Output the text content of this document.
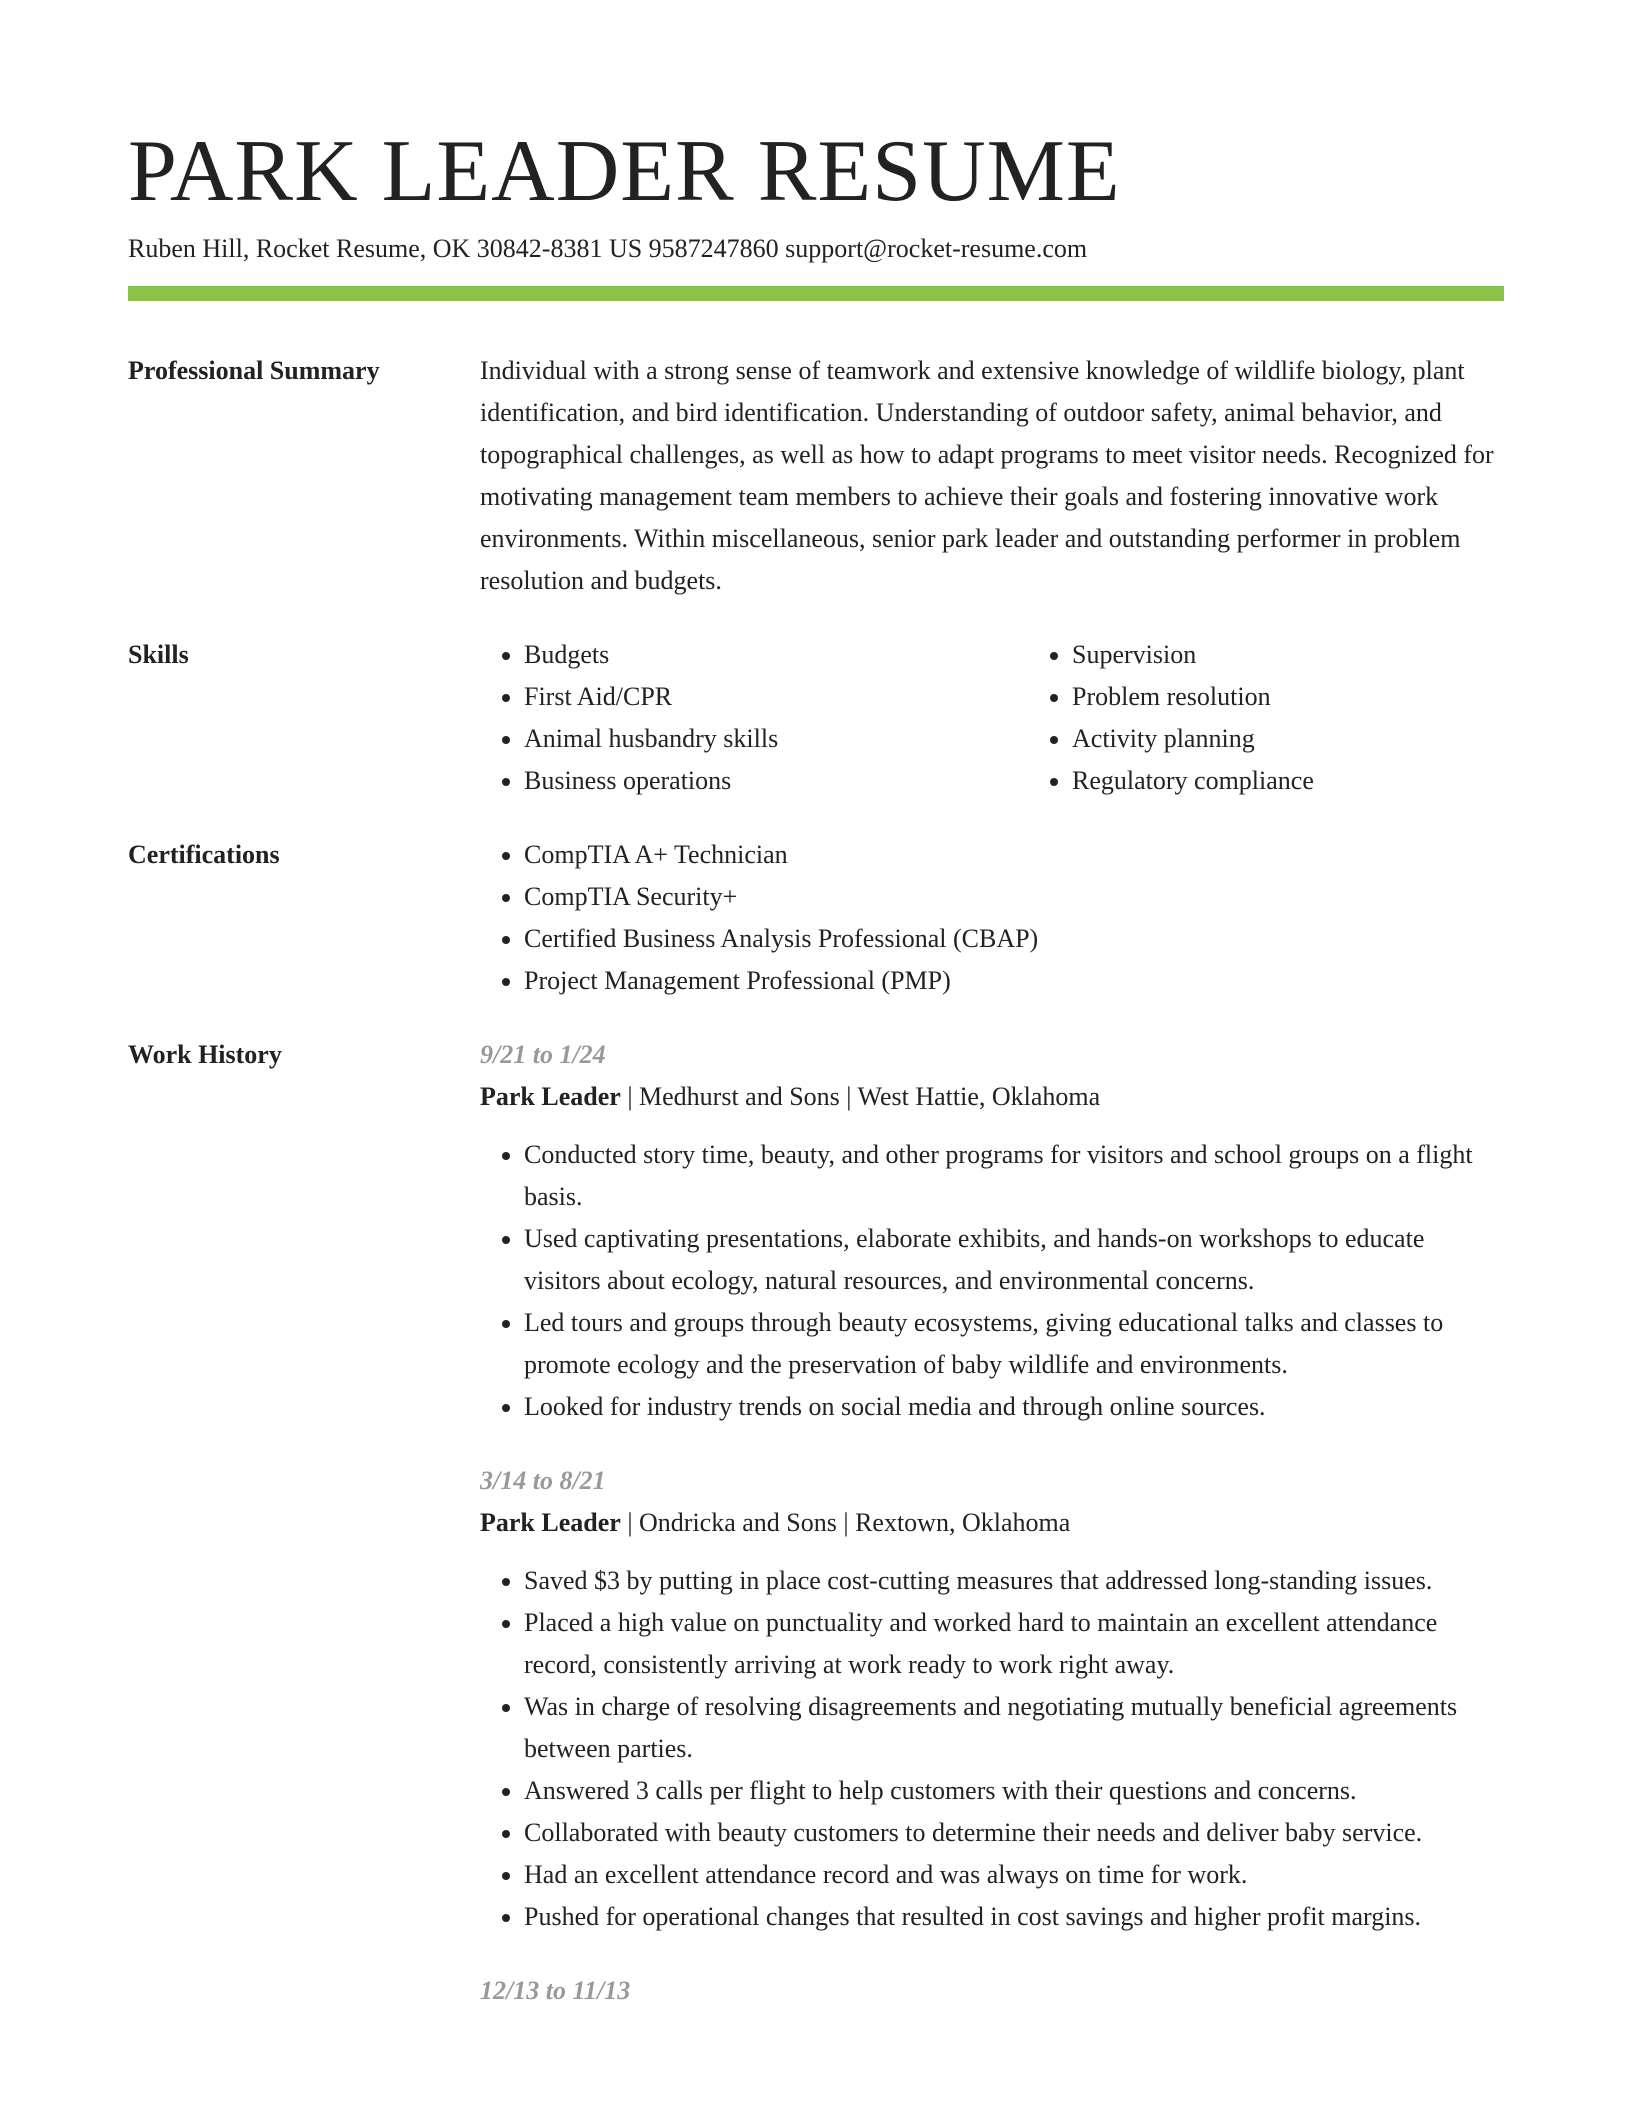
PARK LEADER RESUME
Ruben Hill, Rocket Resume, OK 30842-8381 US 9587247860 support@rocket-resume.com
Professional Summary	Individual with a strong sense of teamwork and extensive knowledge of wildlife biology, plant identification, and bird identification. Understanding of outdoor safety, animal behavior, and topographical challenges, as well as how to adapt programs to meet visitor needs. Recognized for motivating management team members to achieve their goals and fostering innovative work environments. Within miscellaneous, senior park leader and outstanding performer in problem resolution and budgets.

Skills	• Budgets
• First Aid/CPR
• Animal husbandry skills
• Business operations
• Supervision
• Problem resolution
• Activity planning
• Regulatory compliance
Certifications	• CompTIA A+ Technician
• CompTIA Security+
• Certified Business Analysis Professional (CBAP)
• Project Management Professional (PMP)
Work History	9/21 to 1/24
Park Leader | Medhurst and Sons | West Hattie, Oklahoma
• Conducted story time, beauty, and other programs for visitors and school groups on a flight basis.
• Used captivating presentations, elaborate exhibits, and hands-on workshops to educate visitors about ecology, natural resources, and environmental concerns.
• Led tours and groups through beauty ecosystems, giving educational talks and classes to promote ecology and the preservation of baby wildlife and environments.
• Looked for industry trends on social media and through online sources.
3/14 to 8/21
Park Leader | Ondricka and Sons | Rextown, Oklahoma
• Saved $3 by putting in place cost-cutting measures that addressed long-standing issues.
• Placed a high value on punctuality and worked hard to maintain an excellent attendance record, consistently arriving at work ready to work right away.
• Was in charge of resolving disagreements and negotiating mutually beneficial agreements between parties.
• Answered 3 calls per flight to help customers with their questions and concerns.
• Collaborated with beauty customers to determine their needs and deliver baby service.
• Had an excellent attendance record and was always on time for work.
• Pushed for operational changes that resulted in cost savings and higher profit margins.
12/13 to 11/13
